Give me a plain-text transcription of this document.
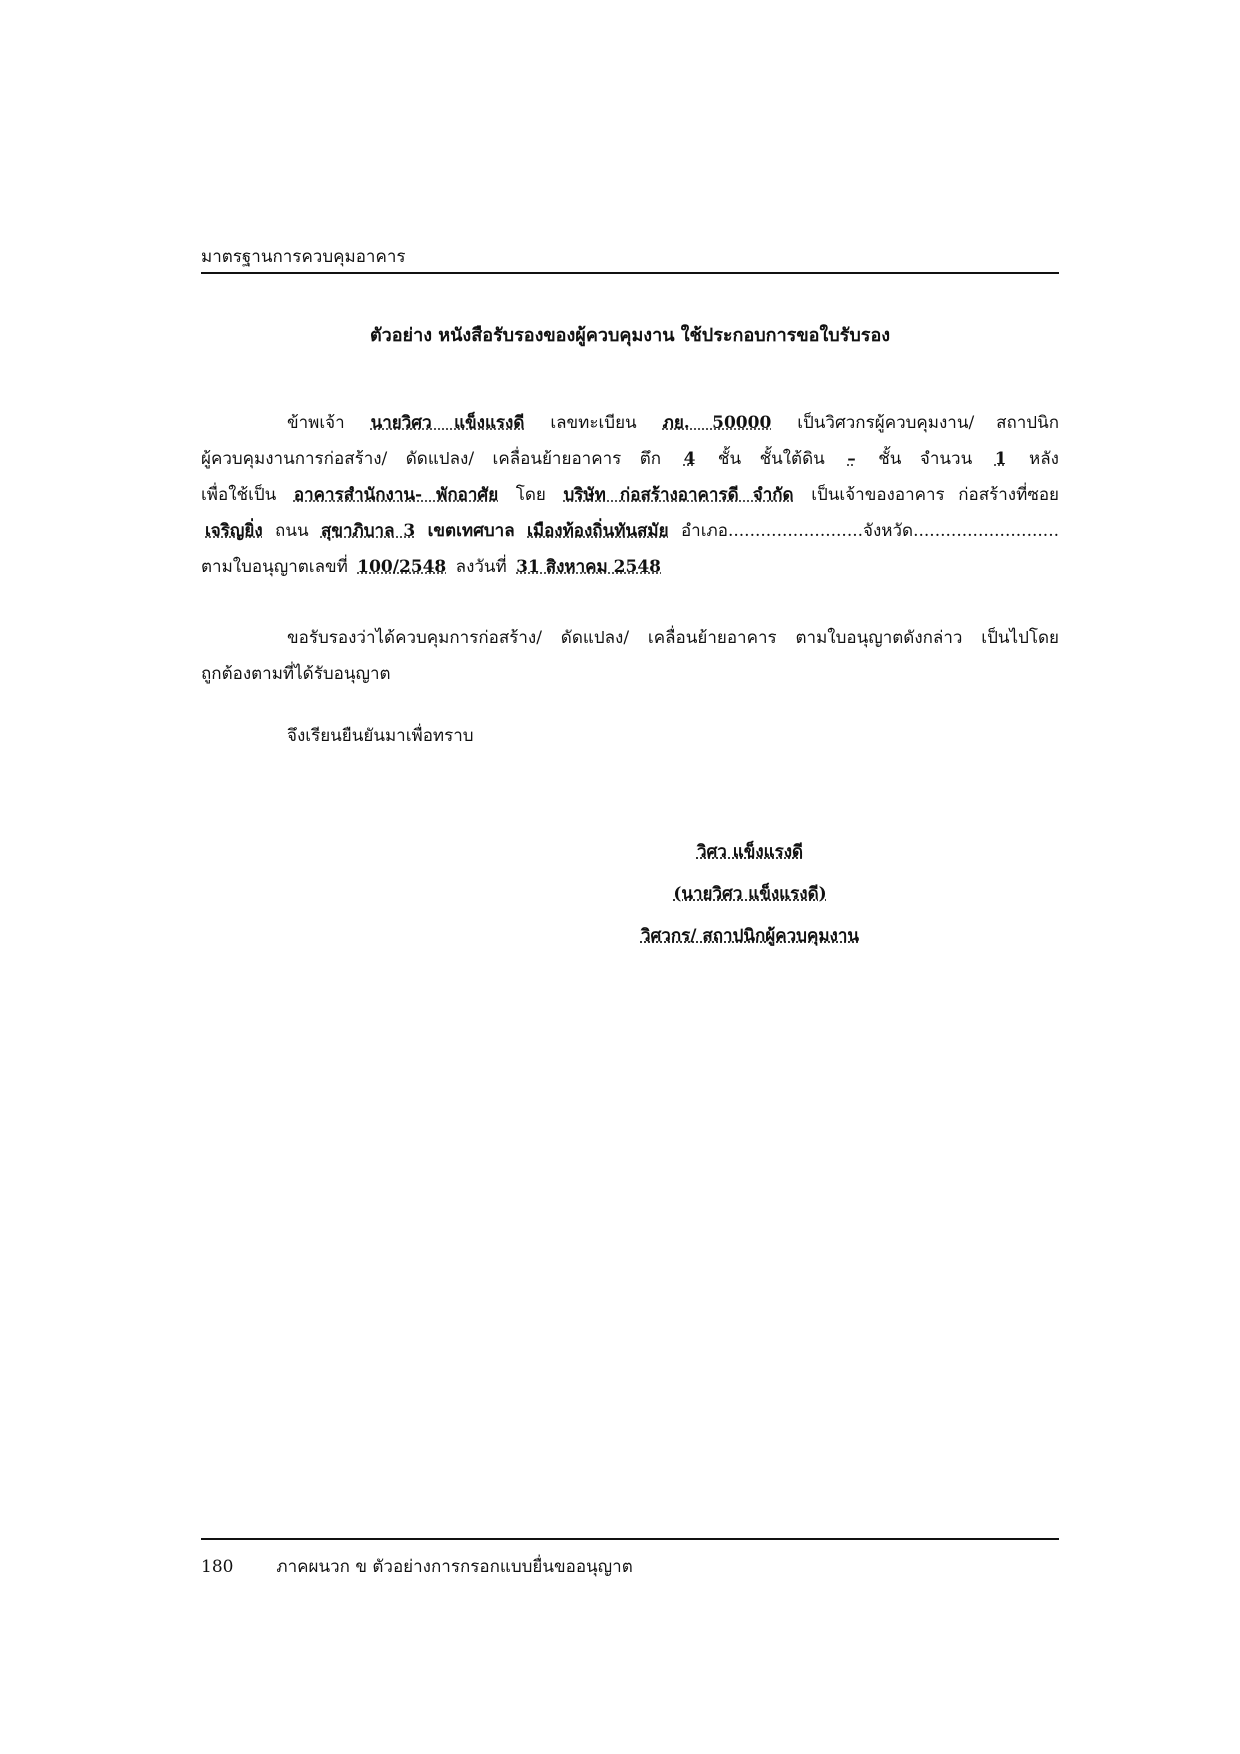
มาตรฐานการควบคุมอาคาร
ตัวอย่าง หนังสือรับรองของผู้ควบคุมงาน ใช้ประกอบการขอใบรับรอง
ข้าพเจ้า นายวิศว แข็งแรงดี เลขทะเบียน ภย. 50000 เป็นวิศวกรผู้ควบคุมงาน/ สถาปนิก
ผู้ควบคุมงานการก่อสร้าง/ ดัดแปลง/ เคลื่อนย้ายอาคาร ตึก 4 ชั้น ชั้นใต้ดิน – ชั้น จำนวน 1 หลัง
เพื่อใช้เป็น อาคารสำนักงาน- พักอาศัย โดย บริษัท ก่อสร้างอาคารดี จำกัด เป็นเจ้าของอาคาร ก่อสร้างที่ซอย
เจริญยิ่ง ถนน สุขาภิบาล 3 เขตเทศบาล เมืองท้องถิ่นทันสมัย อำเภอ.........................จังหวัด...........................
ตามใบอนุญาตเลขที่ 100/2548 ลงวันที่ 31 สิงหาคม 2548
ขอรับรองว่าได้ควบคุมการก่อสร้าง/ ดัดแปลง/ เคลื่อนย้ายอาคาร ตามใบอนุญาตดังกล่าว เป็นไปโดย
ถูกต้องตามที่ได้รับอนุญาต
จึงเรียนยืนยันมาเพื่อทราบ
วิศว แข็งแรงดี
(นายวิศว แข็งแรงดี)
วิศวกร/ สถาปนิกผู้ควบคุมงาน
180	ภาคผนวก ข ตัวอย่างการกรอกแบบยื่นขออนุญาต
